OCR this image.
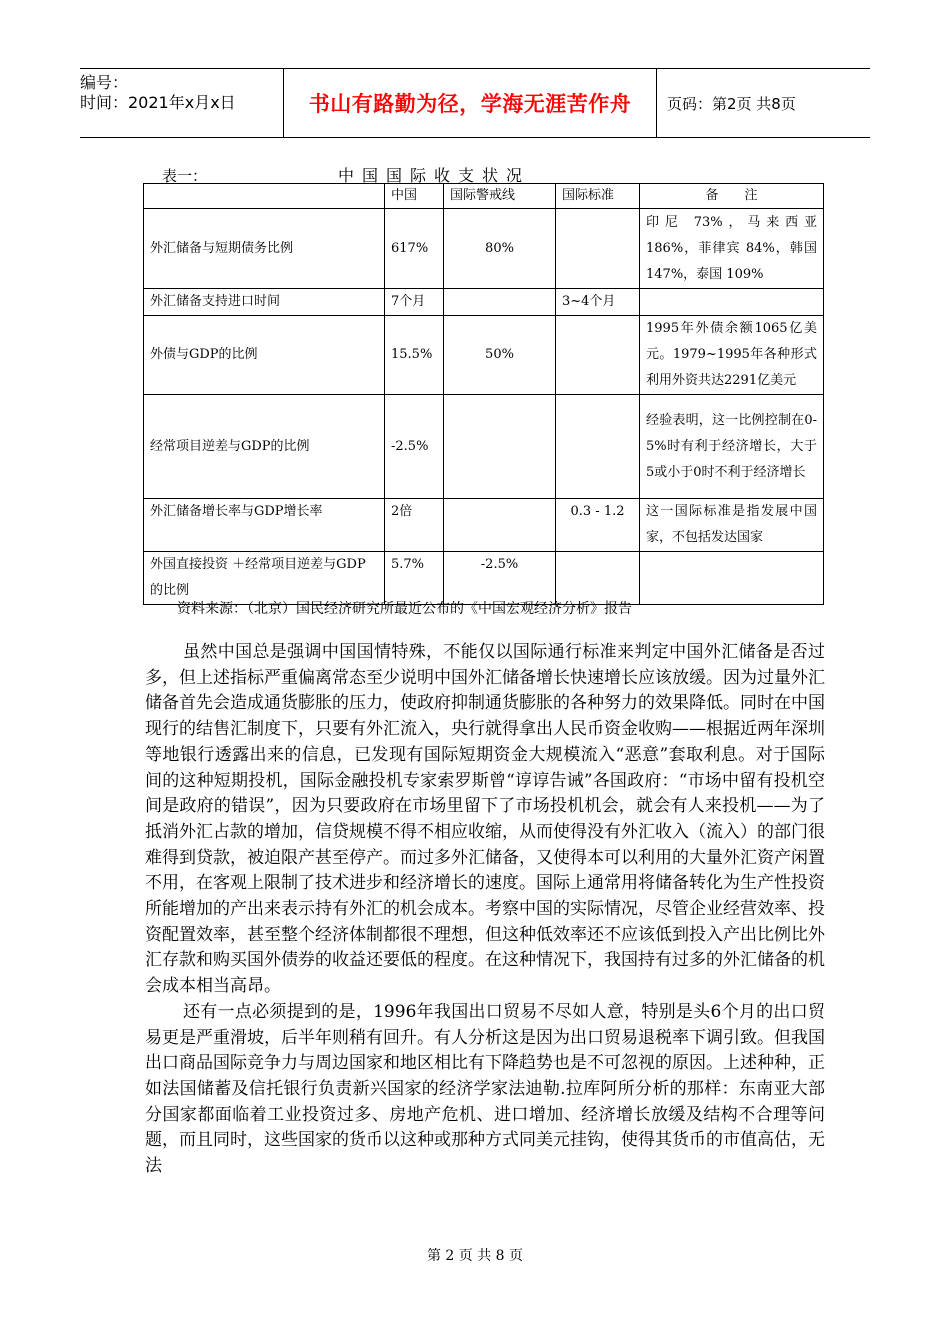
编号：
时间：2021年x月x日	书山有路勤为径，学海无涯苦作舟	页码：第2页 共8页
表一：	中国国际收支状况
	中国	国际警戒线	国际标准	备　　注
外汇储备与短期债务比例	617%	80%		印尼 73%，马来西亚 186%，菲律宾 84%，韩国 147%，泰国 109%
外汇储备支持进口时间	7个月		3~4个月	
外债与GDP的比例	15.5%	50%		1995年外债余额1065亿美元。1979~1995年各种形式利用外资共达2291亿美元
经常项目逆差与GDP的比例	-2.5%			经验表明，这一比例控制在0-5%时有利于经济增长，大于5或小于0时不利于经济增长
外汇储备增长率与GDP增长率	2倍		0.3 - 1.2	这一国际标准是指发展中国家，不包括发达国家
外国直接投资 ＋经常项目逆差与GDP的比例	5.7%	-2.5%		
资料来源：（北京）国民经济研究所最近公布的《中国宏观经济分析》报告

虽然中国总是强调中国国情特殊，不能仅以国际通行标准来判定中国外汇储备是否过多，但上述指标严重偏离常态至少说明中国外汇储备增长快速增长应该放缓。因为过量外汇储备首先会造成通货膨胀的压力，使政府抑制通货膨胀的各种努力的效果降低。同时在中国现行的结售汇制度下，只要有外汇流入，央行就得拿出人民币资金收购——根据近两年深圳等地银行透露出来的信息，已发现有国际短期资金大规模流入“恶意”套取利息。对于国际间的这种短期投机，国际金融投机专家索罗斯曾“谆谆告诫”各国政府：“市场中留有投机空间是政府的错误”，因为只要政府在市场里留下了市场投机机会，就会有人来投机——为了抵消外汇占款的增加，信贷规模不得不相应收缩，从而使得没有外汇收入（流入）的部门很难得到贷款，被迫限产甚至停产。而过多外汇储备，又使得本可以利用的大量外汇资产闲置不用，在客观上限制了技术进步和经济增长的速度。国际上通常用将储备转化为生产性投资所能增加的产出来表示持有外汇的机会成本。考察中国的实际情况，尽管企业经营效率、投资配置效率，甚至整个经济体制都很不理想，但这种低效率还不应该低到投入产出比例比外汇存款和购买国外债券的收益还要低的程度。在这种情况下，我国持有过多的外汇储备的机会成本相当高昂。

还有一点必须提到的是，1996年我国出口贸易不尽如人意，特别是头6个月的出口贸易更是严重滑坡，后半年则稍有回升。有人分析这是因为出口贸易退税率下调引致。但我国出口商品国际竞争力与周边国家和地区相比有下降趋势也是不可忽视的原因。上述种种，正如法国储蓄及信托银行负责新兴国家的经济学家法迪勒.拉库阿所分析的那样：东南亚大部分国家都面临着工业投资过多、房地产危机、进口增加、经济增长放缓及结构不合理等问题，而且同时，这些国家的货币以这种或那种方式同美元挂钩，使得其货币的市值高估，无法

第 2 页 共 8 页
